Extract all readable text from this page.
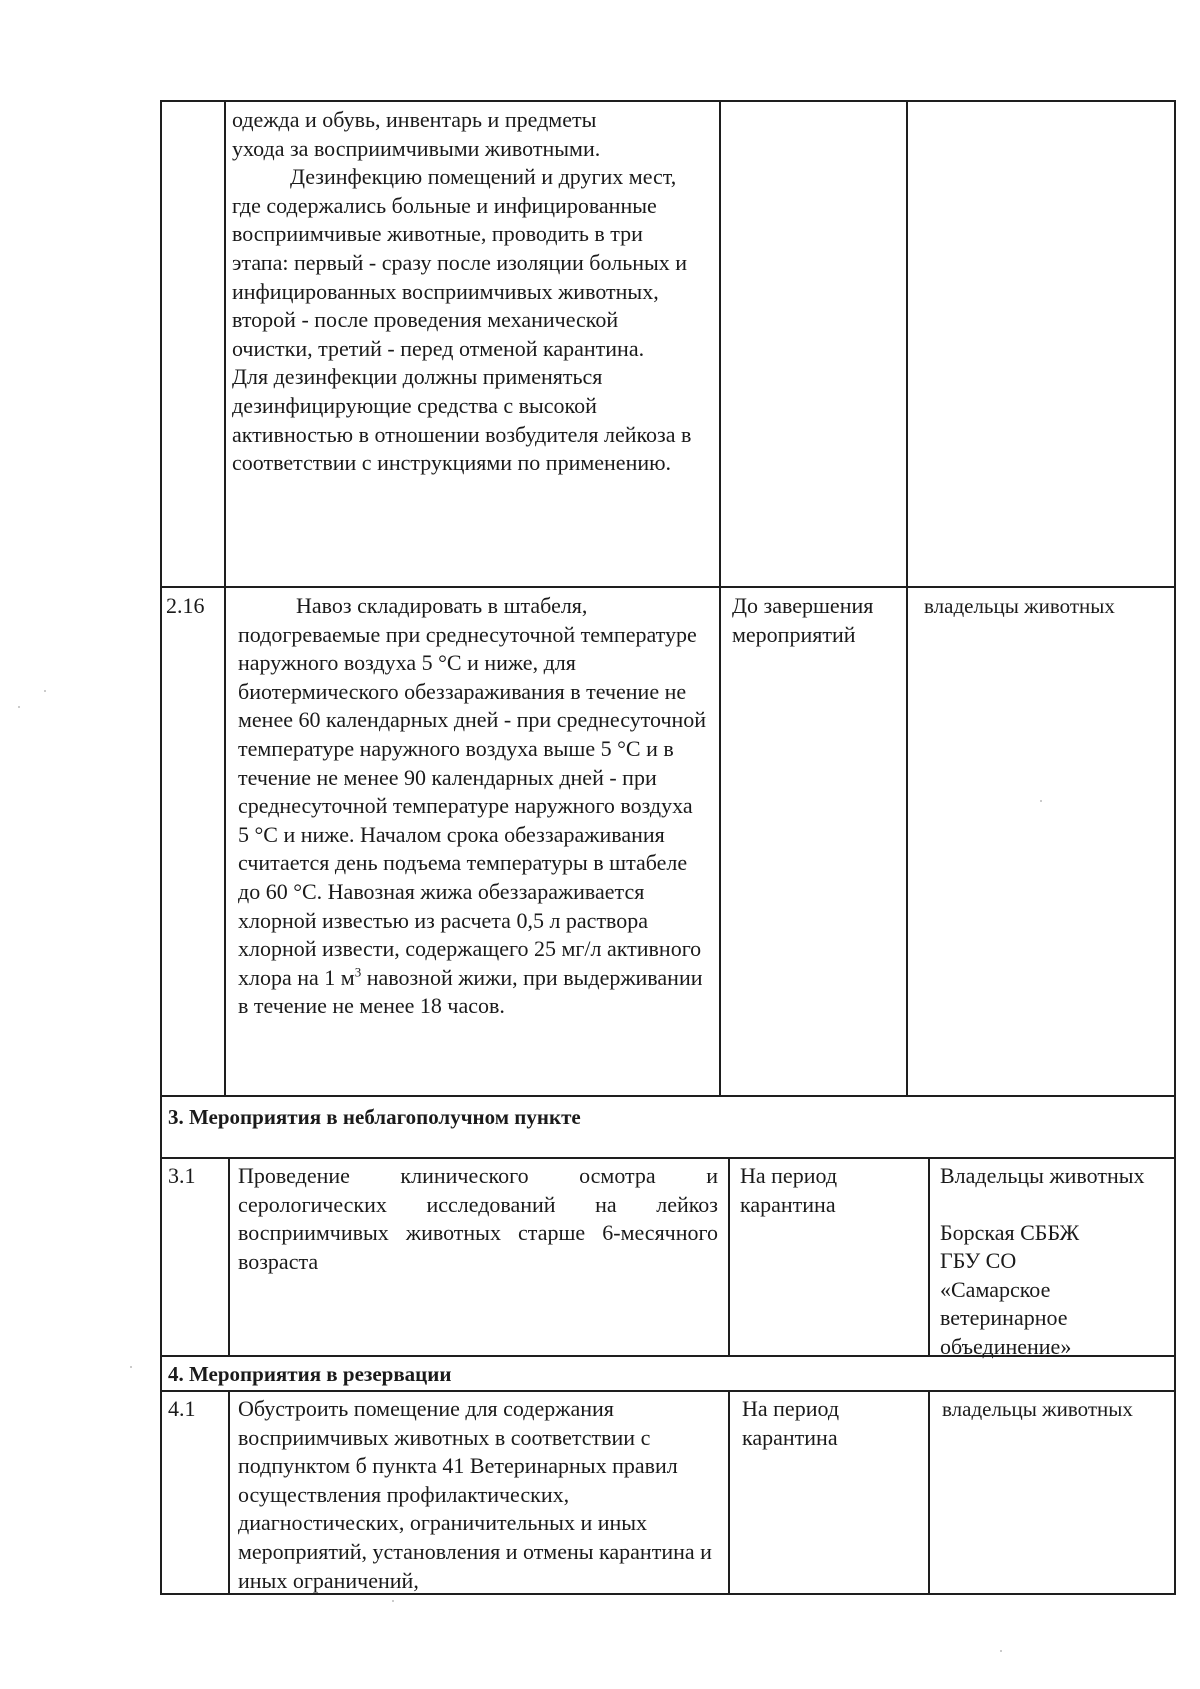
одежда и обувь, инвентарь и предметы

ухода за восприимчивыми животными.

Дезинфекцию помещений и других мест, где содержались больные и инфицированные восприимчивые животные, проводить в три этапа: первый - сразу после изоляции больных и инфицированных восприимчивых животных, второй - после проведения механической очистки, третий - перед отменой карантина.

Для дезинфекции должны применяться дезинфицирующие средства с высокой активностью в отношении возбудителя лейкоза в соответствии с инструкциями по применению.

2.16	Навоз складировать в штабеля, подогреваемые при среднесуточной температуре наружного воздуха 5 °C и ниже, для биотермического обеззараживания в течение не менее 60 календарных дней - при среднесуточной температуре наружного воздуха выше 5 °C и в течение не менее 90 календарных дней - при среднесуточной температуре наружного воздуха 5 °C и ниже. Началом срока обеззараживания считается день подъема температуры в штабеле до 60 °C. Навозная жижа обеззараживается хлорной известью из расчета 0,5 л раствора хлорной извести, содержащего 25 мг/л активного хлора на 1 $м^3$ навозной жижи, при выдерживании в течение не менее 18 часов.

До завершения мероприятий
владельцы животных
3. Мероприятия в неблагополучном пункте
3.1 Проведение клинического осмотра и серологических исследований на лейкоз восприимчивых животных старше 6-месячного возраста
На период карантина

Владельцы животных

Борская СББЖ ГБУ СО «Самарское ветеринарное объединение»

4. Мероприятия в резервации
4.1 Обустроить помещение для содержания восприимчивых животных в соответствии с подпунктом б пункта 41 Ветеринарных правил осуществления профилактических, диагностических, ограничительных и иных мероприятий, установления и отмены карантина и иных ограничений,
На период карантина
владельцы животных
